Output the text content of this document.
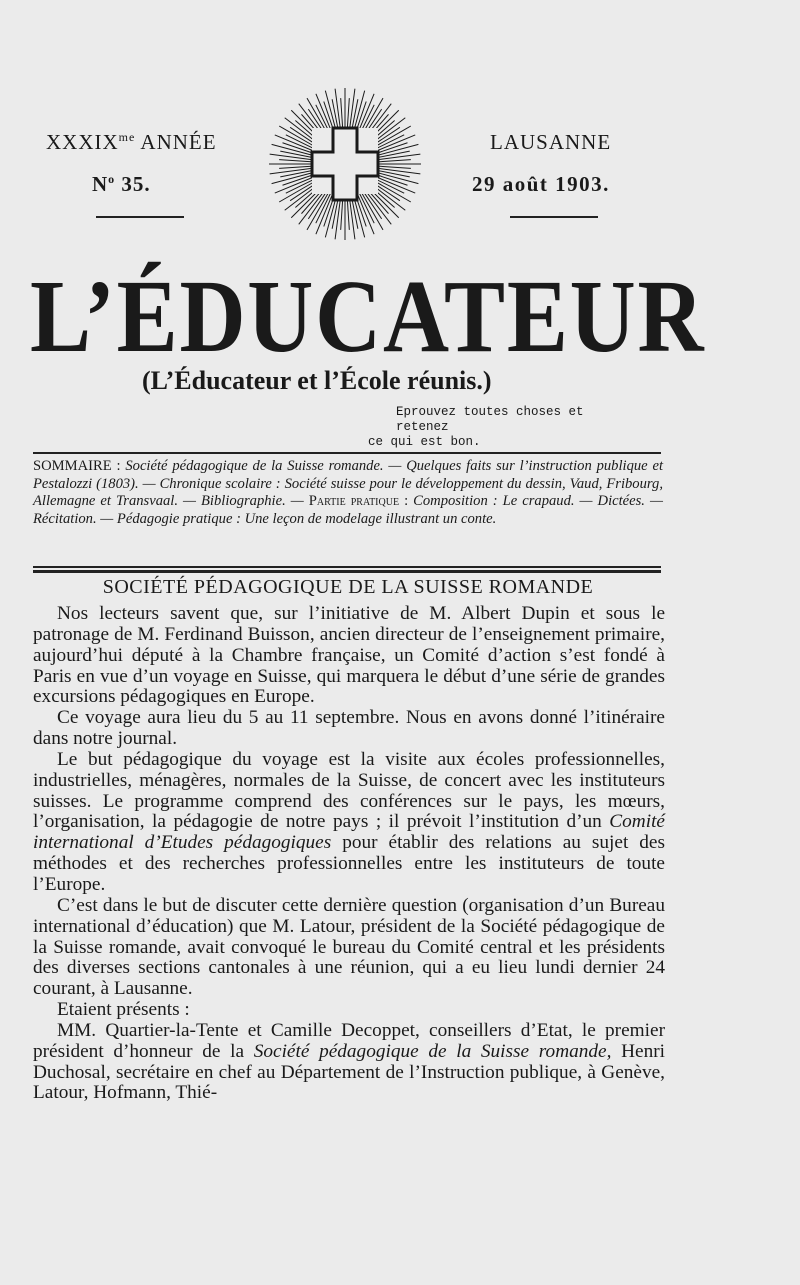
$XXXIX^{me}$ ANNÉE
$N^o$ 35.
LAUSANNE
29 août 1903.
L’ÉDUCATEUR
(L’Éducateur et l’École réunis.)
Eprouvez toutes choses et retenez
ce qui est bon.
SOMMAIRE : Société pédagogique de la Suisse romande. — Quelques faits sur l’instruction publique et Pestalozzi (1803). — Chronique scolaire : Société suisse pour le développement du dessin, Vaud, Fribourg, Allemagne et Transvaal. — Bibliographie. — Partie pratique : Composition : Le crapaud. — Dictées. — Récitation. — Pédagogie pratique : Une leçon de modelage illustrant un conte.
SOCIÉTÉ PÉDAGOGIQUE DE LA SUISSE ROMANDE

Nos lecteurs savent que, sur l’initiative de M. Albert Dupin et sous le patronage de M. Ferdinand Buisson, ancien directeur de l’enseignement primaire, aujourd’hui député à la Chambre française, un Comité d’action s’est fondé à Paris en vue d’un voyage en Suisse, qui marquera le début d’une série de grandes excursions pédagogiques en Europe.

Ce voyage aura lieu du 5 au 11 septembre. Nous en avons donné l’itinéraire dans notre journal.

Le but pédagogique du voyage est la visite aux écoles professionnelles, industrielles, ménagères, normales de la Suisse, de concert avec les instituteurs suisses. Le programme comprend des conférences sur le pays, les mœurs, l’organisation, la pédagogie de notre pays ; il prévoit l’institution d’un Comité international d’Etudes pédagogiques pour établir des relations au sujet des méthodes et des recherches professionnelles entre les instituteurs de toute l’Europe.

C’est dans le but de discuter cette dernière question (organisation d’un Bureau international d’éducation) que M. Latour, président de la Société pédagogique de la Suisse romande, avait convoqué le bureau du Comité central et les présidents des diverses sections cantonales à une réunion, qui a eu lieu lundi dernier 24 courant, à Lausanne.

Etaient présents :

MM. Quartier-la-Tente et Camille Decoppet, conseillers d’Etat, le premier président d’honneur de la Société pédagogique de la Suisse romande, Henri Duchosal, secrétaire en chef au Département de l’Instruction publique, à Genève, Latour, Hofmann, Thié-
